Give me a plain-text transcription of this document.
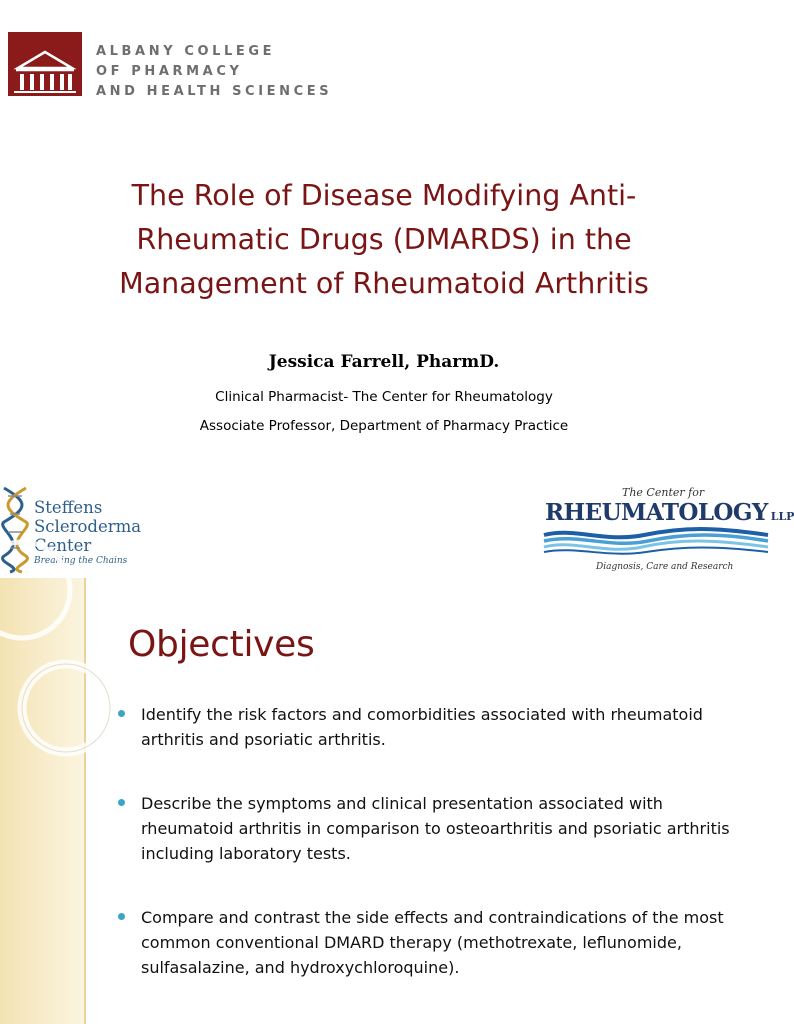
ALBANY COLLEGE
OF PHARMACY
AND HEALTH SCIENCES
The Role of Disease Modifying Anti-Rheumatic Drugs (DMARDS) in the Management of Rheumatoid Arthritis
Jessica Farrell, PharmD.
Clinical Pharmacist- The Center for Rheumatology
Associate Professor, Department of Pharmacy Practice
Steffens
Scleroderma
Center
Breaking the Chains
The Center for
RHEUMATOLOGY LLP
Diagnosis, Care and Research
Objectives
Identify the risk factors and comorbidities associated with rheumatoid arthritis and psoriatic arthritis.
Describe the symptoms and clinical presentation associated with rheumatoid arthritis in comparison to osteoarthritis and psoriatic arthritis including laboratory tests.
Compare and contrast the side effects and contraindications of the most common conventional DMARD therapy (methotrexate, leflunomide, sulfasalazine, and hydroxychloroquine).
